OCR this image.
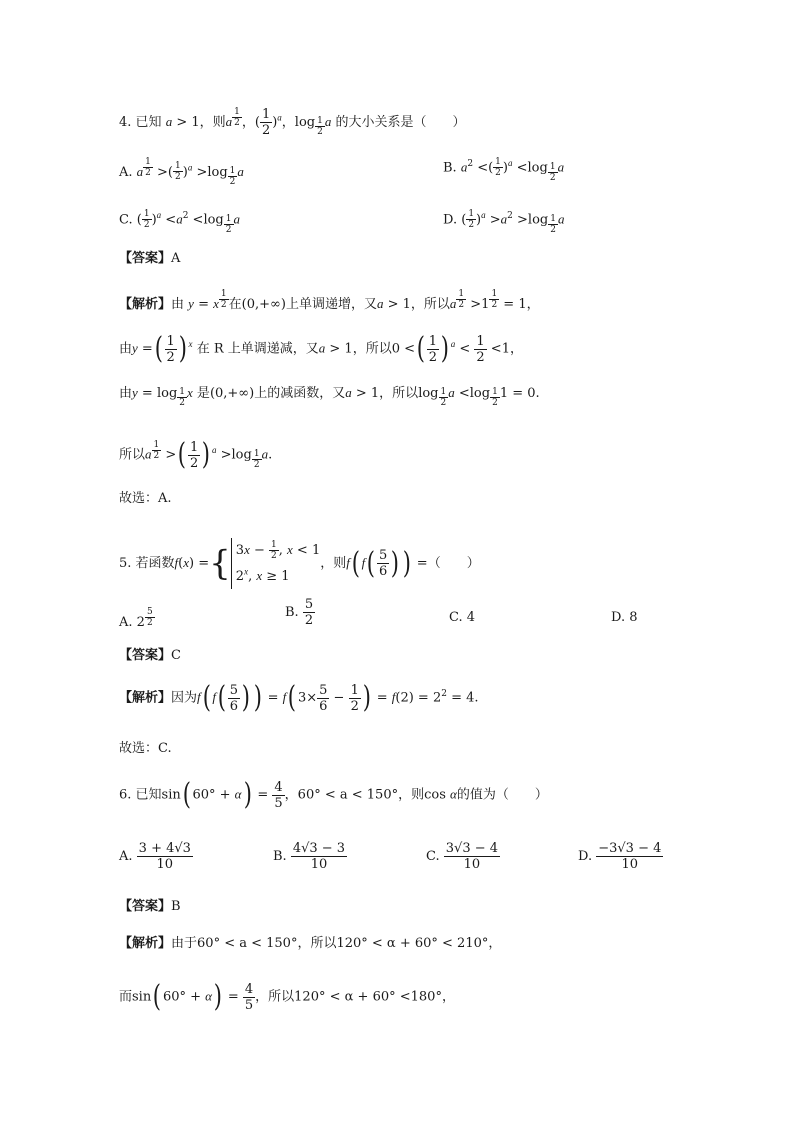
4. 已知 a > 1，则a $^{\frac{1}{2}}$ ，( $\frac{1}{2} )^a$，log $_{\frac{1}{2}}$ a 的大小关系是（　　）
A. a $^{\frac{1}{2}}$ >( $\frac{1}{2} )^a >\log$ $_{\frac{1}{2}}$ a	B. $a^2$ <( $\frac{1}{2} )^a <\log$ $_{\frac{1}{2}}$ a
C. ( $\frac{1}{2} )^a <a^2 <\log$ $_{\frac{1}{2}}$ a	D. ( $\frac{1}{2} )^a >a^2 >\log$ $_{\frac{1}{2}}$ a
【答案】A
【解析】由 y = x $^{\frac{1}{2}}$ 在(0,+∞)上单调递增，又a > 1，所以a $^{\frac{1}{2}}$ >1 $^{\frac{1}{2}}$ = 1，
由y =( $\frac{1}{2}$ ) $^x$ 在 R 上单调递减，又a > 1，所以0 <( $\frac{1}{2}$ ) $^a < \frac{1}{2} <1$，
由y = log $_{\frac{1}{2}}$ x 是(0,+∞)上的减函数，又a > 1，所以log $_{\frac{1}{2}}$ a <log $_{\frac{1}{2}}$ 1 = 0.
所以a $^{\frac{1}{2}}$ >( $\frac{1}{2}$ ) $^a$ >log $_{\frac{1}{2}}$ a.
故选：A.
5. 若函数f(x) ={ $3x - \frac{1}{2}$ , x < 1
2$^x$, x ≥ 1
，则f( $f( \frac{5}{6}$ ) ) =（　　）
A. 2 $^{\frac{5}{2}}$	B. $\frac{5}{2}$	C. 4	D. 8
【答案】C
【解析】因为f( $f( \frac{5}{6}$ ) ) = f( $3\times \frac{5}{6} - \frac{1}{2}$ ) = $f(2) = 2^2 = 4$.
故选：C.
6. 已知sin( $60^\circ + \alpha) = \frac{4}{5}$ ，60° < a < 150°，则cos α的值为（　　）
A. $\frac{3 + 4√3}{10}$	B. $\frac{4√3 - 3}{10}$	C. $\frac{3√3 - 4}{10}$	D. $\frac{-3√3 - 4}{10}$
【答案】B
【解析】由于60° < a < 150°，所以120° < α + 60° < 210°，
而sin( $60^\circ + \alpha) = \frac{4}{5}$ ，所以120° < α + 60° <180°，
